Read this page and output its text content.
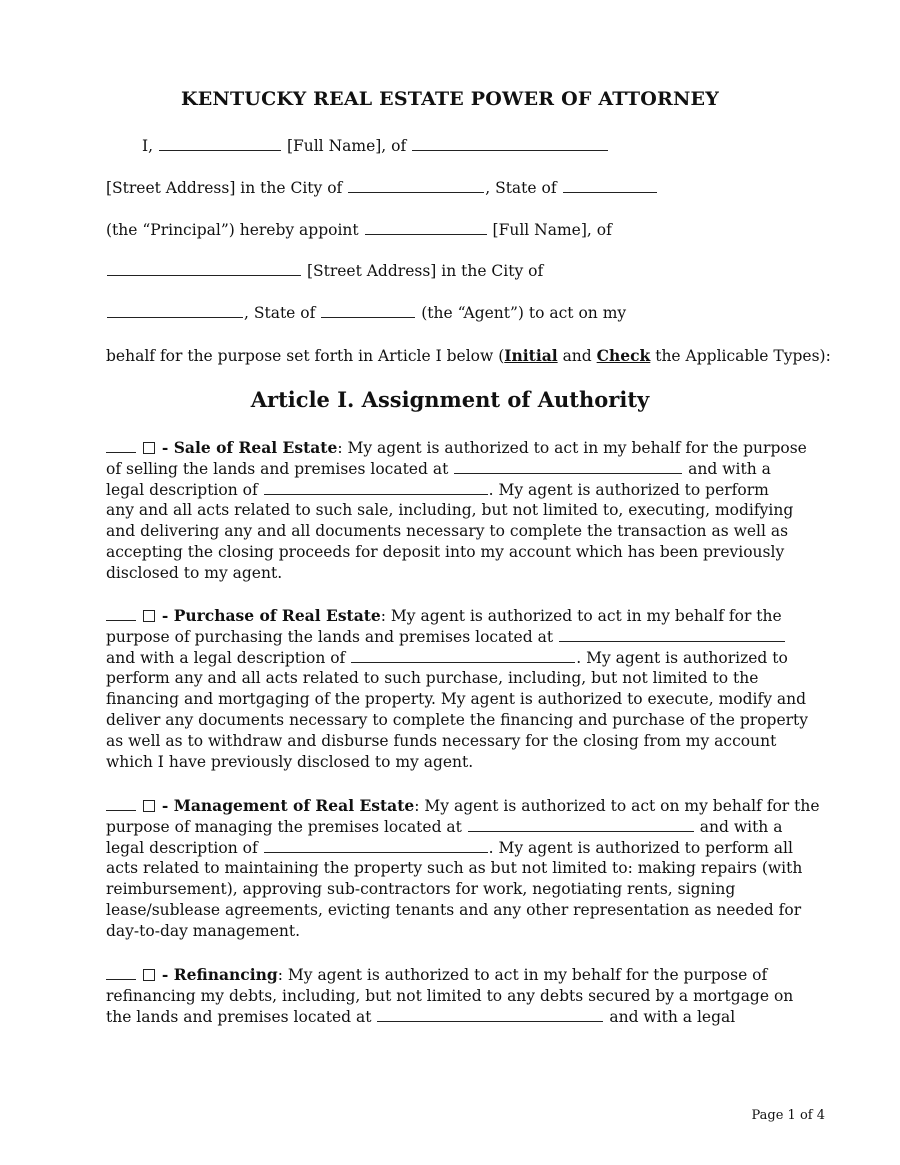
KENTUCKY REAL ESTATE POWER OF ATTORNEY
I,	[Full Name], of
[Street Address] in the City of	, State of
(the “Principal”) hereby appoint	[Full Name], of
[Street Address] in the City of
, State of	(the “Agent”) to act on my
behalf for the purpose set forth in Article I below (Initial and Check the Applicable Types):
Article I. Assignment of Authority
- Sale of Real Estate: My agent is authorized to act in my behalf for the purpose
of selling the lands and premises located at	and with a
legal description of	. My agent is authorized to perform
any and all acts related to such sale, including, but not limited to, executing, modifying
and delivering any and all documents necessary to complete the transaction as well as
accepting the closing proceeds for deposit into my account which has been previously
disclosed to my agent.
- Purchase of Real Estate: My agent is authorized to act in my behalf for the
purpose of purchasing the lands and premises located at
and with a legal description of	. My agent is authorized to
perform any and all acts related to such purchase, including, but not limited to the
financing and mortgaging of the property. My agent is authorized to execute, modify and
deliver any documents necessary to complete the financing and purchase of the property
as well as to withdraw and disburse funds necessary for the closing from my account
which I have previously disclosed to my agent.
- Management of Real Estate: My agent is authorized to act on my behalf for the
purpose of managing the premises located at	and with a
legal description of	. My agent is authorized to perform all
acts related to maintaining the property such as but not limited to: making repairs (with
reimbursement), approving sub-contractors for work, negotiating rents, signing
lease/sublease agreements, evicting tenants and any other representation as needed for
day-to-day management.
- Refinancing: My agent is authorized to act in my behalf for the purpose of
refinancing my debts, including, but not limited to any debts secured by a mortgage on
the lands and premises located at	and with a legal
Page 1 of 4
